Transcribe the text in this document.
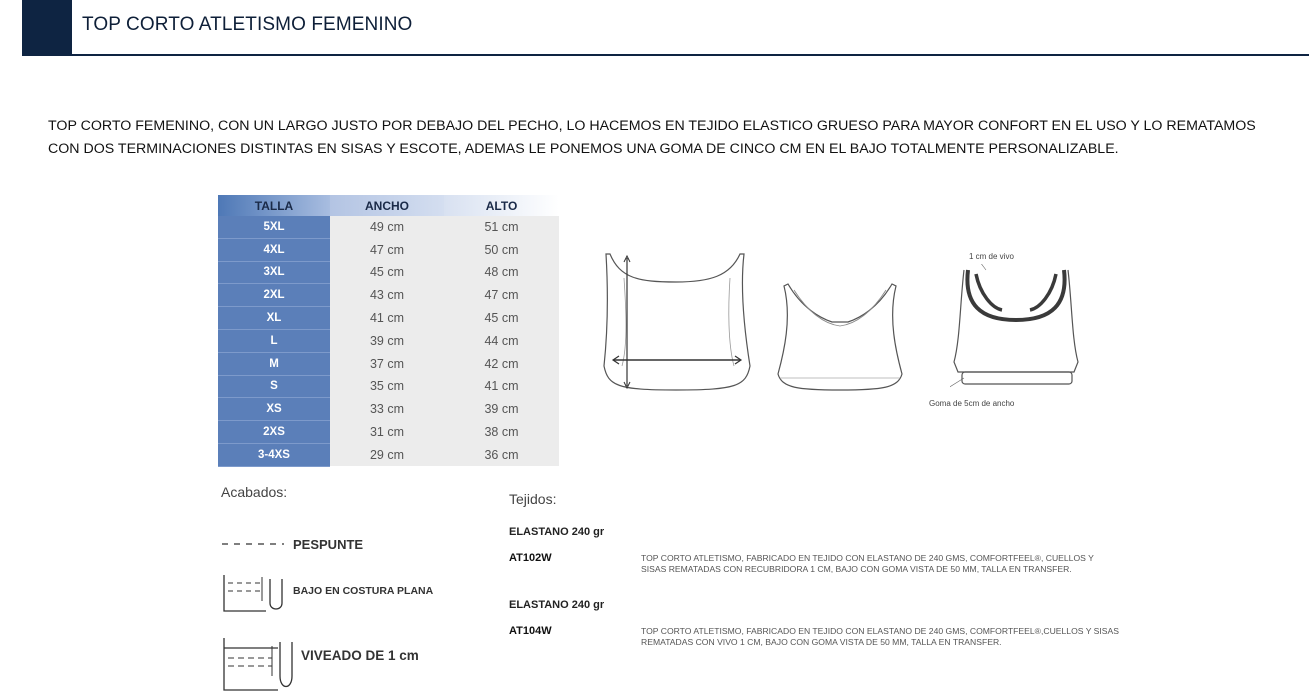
TOP CORTO ATLETISMO FEMENINO
TOP CORTO FEMENINO, CON UN LARGO JUSTO POR DEBAJO DEL PECHO, LO HACEMOS EN TEJIDO ELASTICO GRUESO PARA MAYOR CONFORT EN EL USO Y LO REMATAMOS
CON DOS TERMINACIONES DISTINTAS EN SISAS Y ESCOTE, ADEMAS LE PONEMOS UNA GOMA DE CINCO CM EN EL BAJO TOTALMENTE PERSONALIZABLE.
TALLA	ANCHO	ALTO
5XL	49 cm	51 cm
4XL	47 cm	50 cm
3XL	45 cm	48 cm
2XL	43 cm	47 cm
XL	41 cm	45 cm
L	39 cm	44 cm
M	37 cm	42 cm
S	35 cm	41 cm
XS	33 cm	39 cm
2XS	31 cm	38 cm
3-4XS	29 cm	36 cm
1 cm de vivo
Goma de 5cm de ancho
Acabados:
PESPUNTE
BAJO EN COSTURA PLANA
VIVEADO DE 1 cm
Tejidos:
ELASTANO 240 gr
AT102W	TOP CORTO ATLETISMO, FABRICADO EN TEJIDO CON ELASTANO DE 240 GMS, COMFORTFEEL®, CUELLOS Y
SISAS REMATADAS CON RECUBRIDORA 1 CM, BAJO CON GOMA VISTA DE 50 MM, TALLA EN TRANSFER.
ELASTANO 240 gr
AT104W	TOP CORTO ATLETISMO, FABRICADO EN TEJIDO CON ELASTANO DE 240 GMS, COMFORTFEEL®,CUELLOS Y SISAS
REMATADAS CON VIVO 1 CM, BAJO CON GOMA VISTA DE 50 MM, TALLA EN TRANSFER.
